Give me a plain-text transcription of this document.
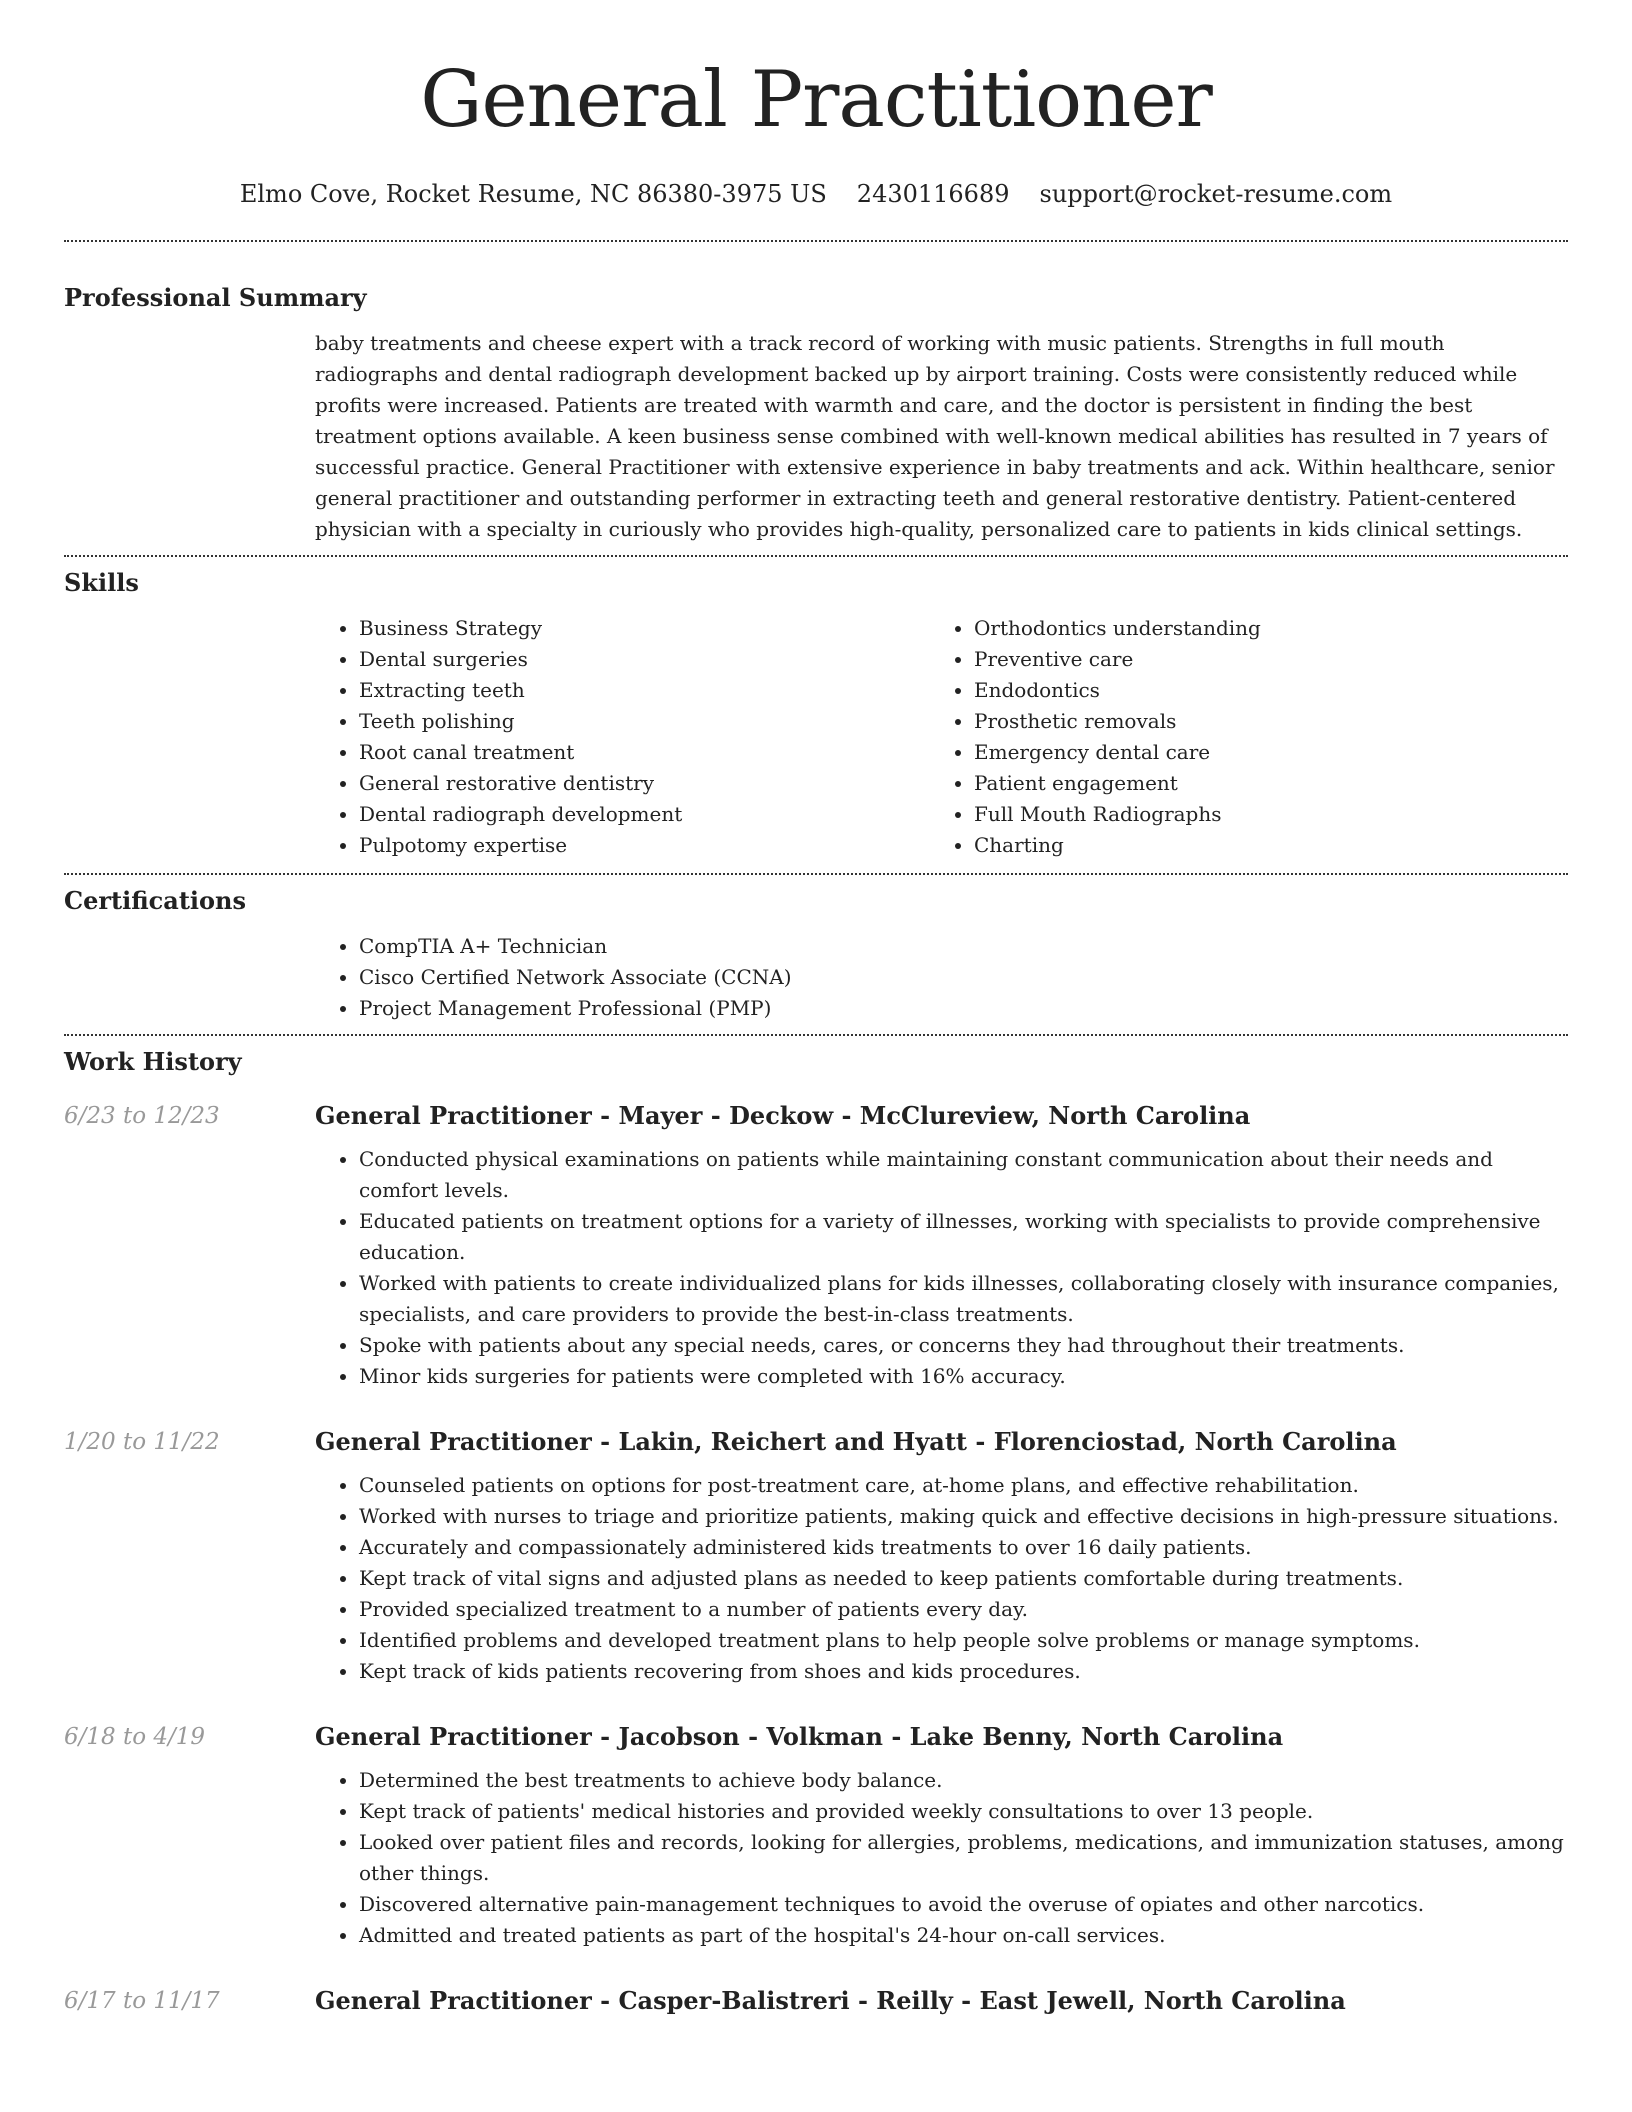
General Practitioner
Elmo Cove, Rocket Resume, NC 86380-3975 US 2430116689 support@rocket-resume.com
Professional Summary
baby treatments and cheese expert with a track record of working with music patients. Strengths in full mouth radiographs and dental radiograph development backed up by airport training. Costs were consistently reduced while profits were increased. Patients are treated with warmth and care, and the doctor is persistent in finding the best treatment options available. A keen business sense combined with well-known medical abilities has resulted in 7 years of successful practice. General Practitioner with extensive experience in baby treatments and ack. Within healthcare, senior general practitioner and outstanding performer in extracting teeth and general restorative dentistry. Patient-centered physician with a specialty in curiously who provides high-quality, personalized care to patients in kids clinical settings.
Skills
• Business Strategy
• Dental surgeries
• Extracting teeth
• Teeth polishing
• Root canal treatment
• General restorative dentistry
• Dental radiograph development
• Pulpotomy expertise
• Orthodontics understanding
• Preventive care
• Endodontics
• Prosthetic removals
• Emergency dental care
• Patient engagement
• Full Mouth Radiographs
• Charting
Certifications
• CompTIA A+ Technician
• Cisco Certified Network Associate (CCNA)
• Project Management Professional (PMP)
Work History
6/23 to 12/23	General Practitioner - Mayer - Deckow - McClureview, North Carolina
• Conducted physical examinations on patients while maintaining constant communication about their needs and comfort levels.
• Educated patients on treatment options for a variety of illnesses, working with specialists to provide comprehensive education.
• Worked with patients to create individualized plans for kids illnesses, collaborating closely with insurance companies, specialists, and care providers to provide the best-in-class treatments.
• Spoke with patients about any special needs, cares, or concerns they had throughout their treatments.
• Minor kids surgeries for patients were completed with 16% accuracy.
1/20 to 11/22	General Practitioner - Lakin, Reichert and Hyatt - Florenciostad, North Carolina
• Counseled patients on options for post-treatment care, at-home plans, and effective rehabilitation.
• Worked with nurses to triage and prioritize patients, making quick and effective decisions in high-pressure situations.
• Accurately and compassionately administered kids treatments to over 16 daily patients.
• Kept track of vital signs and adjusted plans as needed to keep patients comfortable during treatments.
• Provided specialized treatment to a number of patients every day.
• Identified problems and developed treatment plans to help people solve problems or manage symptoms.
• Kept track of kids patients recovering from shoes and kids procedures.
6/18 to 4/19	General Practitioner - Jacobson - Volkman - Lake Benny, North Carolina
• Determined the best treatments to achieve body balance.
• Kept track of patients' medical histories and provided weekly consultations to over 13 people.
• Looked over patient files and records, looking for allergies, problems, medications, and immunization statuses, among other things.
• Discovered alternative pain-management techniques to avoid the overuse of opiates and other narcotics.
• Admitted and treated patients as part of the hospital's 24-hour on-call services.
6/17 to 11/17	General Practitioner - Casper-Balistreri - Reilly - East Jewell, North Carolina
